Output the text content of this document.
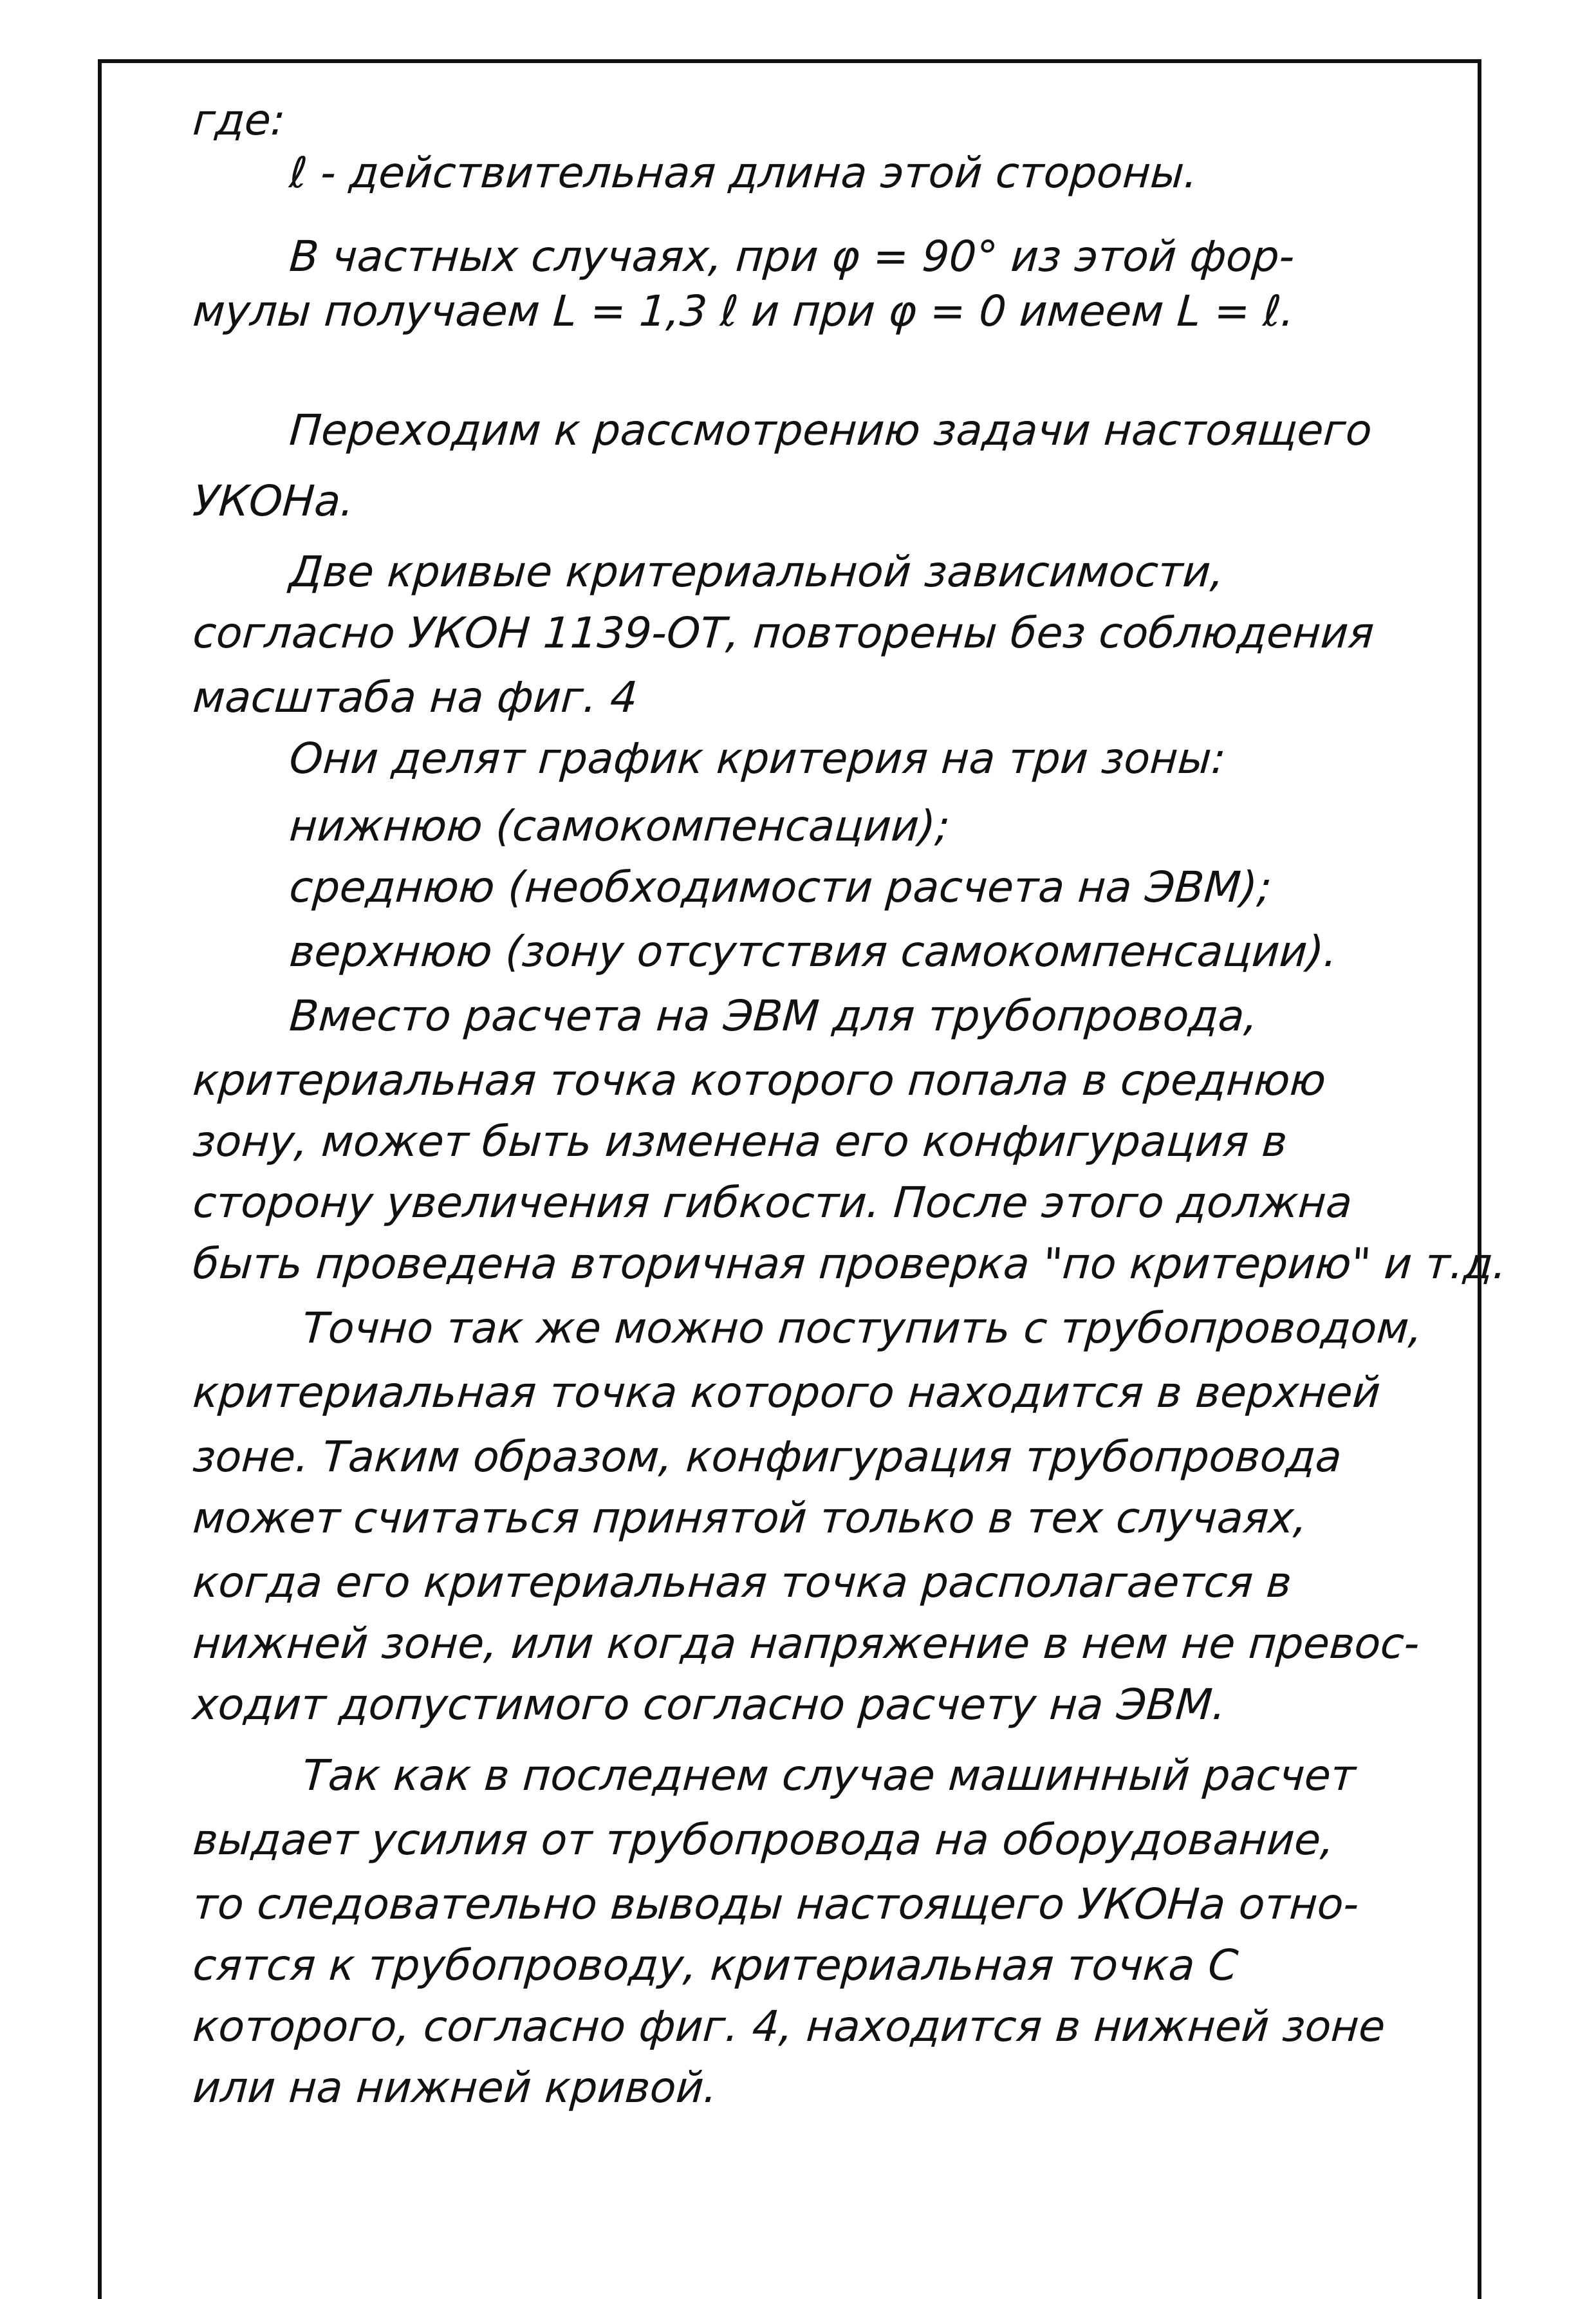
где:
ℓ - действительная длина этой стороны.
В частных случаях, при φ = 90° из этой фор-
мулы получаем L = 1,3 ℓ и при φ = 0 имеем L = ℓ.
Переходим к рассмотрению задачи настоящего
УКОНа.
Две кривые критериальной зависимости,
согласно УКОН 1139-ОТ, повторены без соблюдения
масштаба на фиг. 4
Они делят график критерия на три зоны:
нижнюю (самокомпенсации);
среднюю (необходимости расчета на ЭВМ);
верхнюю (зону отсутствия самокомпенсации).
Вместо расчета на ЭВМ для трубопровода,
критериальная точка которого попала в среднюю
зону, может быть изменена его конфигурация в
сторону увеличения гибкости. После этого должна
быть проведена вторичная проверка "по критерию" и т.д.
Точно так же можно поступить с трубопроводом,
критериальная точка которого находится в верхней
зоне. Таким образом, конфигурация трубопровода
может считаться принятой только в тех случаях,
когда его критериальная точка располагается в
нижней зоне, или когда напряжение в нем не превос-
ходит допустимого согласно расчету на ЭВМ.
Так как в последнем случае машинный расчет
выдает усилия от трубопровода на оборудование,
то следовательно выводы настоящего УКОНа отно-
сятся к трубопроводу, критериальная точка С
которого, согласно фиг. 4, находится в нижней зоне
или на нижней кривой.
